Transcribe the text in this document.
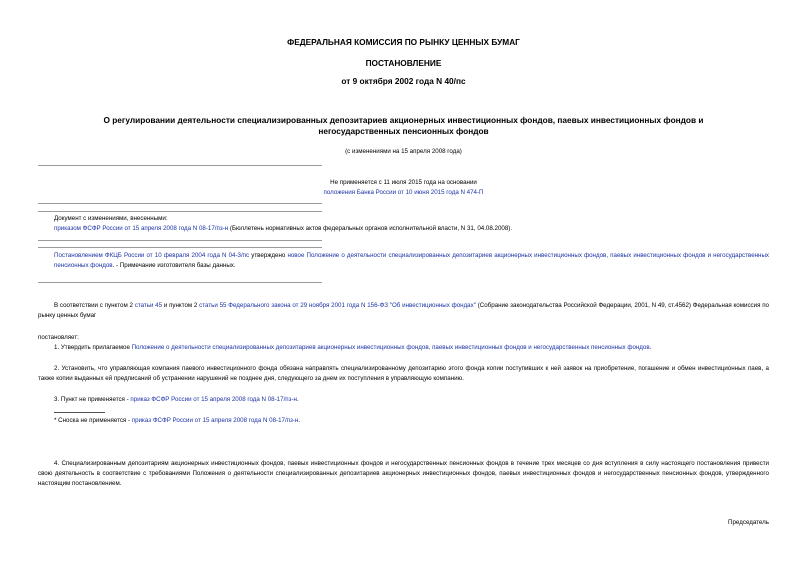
ФЕДЕРАЛЬНАЯ КОМИССИЯ ПО РЫНКУ ЦЕННЫХ БУМАГ
ПОСТАНОВЛЕНИЕ
от 9 октября 2002 года N 40/пс
О регулировании деятельности специализированных депозитариев акционерных инвестиционных фондов, паевых инвестиционных фондов и негосударственных пенсионных фондов
(с изменениями на 15 апреля 2008 года)
Не применяется с 11 июля 2015 года на основании
положения Банка России от 10 июня 2015 года N 474-П
Документ с изменениями, внесенными:
приказом ФСФР России от 15 апреля 2008 года N 08-17/пз-н (Бюллетень нормативных актов федеральных органов исполнительной власти, N 31, 04.08.2008).
Постановлением ФКЦБ России от 10 февраля 2004 года N 04-3/пс утверждено новое Положение о деятельности специализированных депозитариев акционерных инвестиционных фондов, паевых инвестиционных фондов и негосударственных пенсионных фондов. - Примечание изготовителя базы данных.
В соответствии с пунктом 2 статьи 45 и пунктом 2 статьи 55 Федерального закона от 29 ноября 2001 года N 156-ФЗ "Об инвестиционных фондах" (Собрание законодательства Российской Федерации, 2001, N 49, ст.4562) Федеральная комиссия по рынку ценных бумаг
постановляет:
1. Утвердить прилагаемое Положение о деятельности специализированных депозитариев акционерных инвестиционных фондов, паевых инвестиционных фондов и негосударственных пенсионных фондов.
2. Установить, что управляющая компания паевого инвестиционного фонда обязана направлять специализированному депозитарию этого фонда копии поступивших к ней заявок на приобретение, погашение и обмен инвестиционных паев, а также копии выданных ей предписаний об устранении нарушений не позднее дня, следующего за днем их поступления в управляющую компанию.
3. Пункт не применяется - приказ ФСФР России от 15 апреля 2008 года N 08-17/пз-н.
* Сноска не применяется - приказ ФСФР России от 15 апреля 2008 года N 08-17/пз-н.
4. Специализированным депозитариям акционерных инвестиционных фондов, паевых инвестиционных фондов и негосударственных пенсионных фондов в течение трех месяцев со дня вступления в силу настоящего постановления привести свою деятельность в соответствие с требованиями Положения о деятельности специализированных депозитариев акционерных инвестиционных фондов, паевых инвестиционных фондов и негосударственных пенсионных фондов, утвержденного настоящим постановлением.
Председатель
